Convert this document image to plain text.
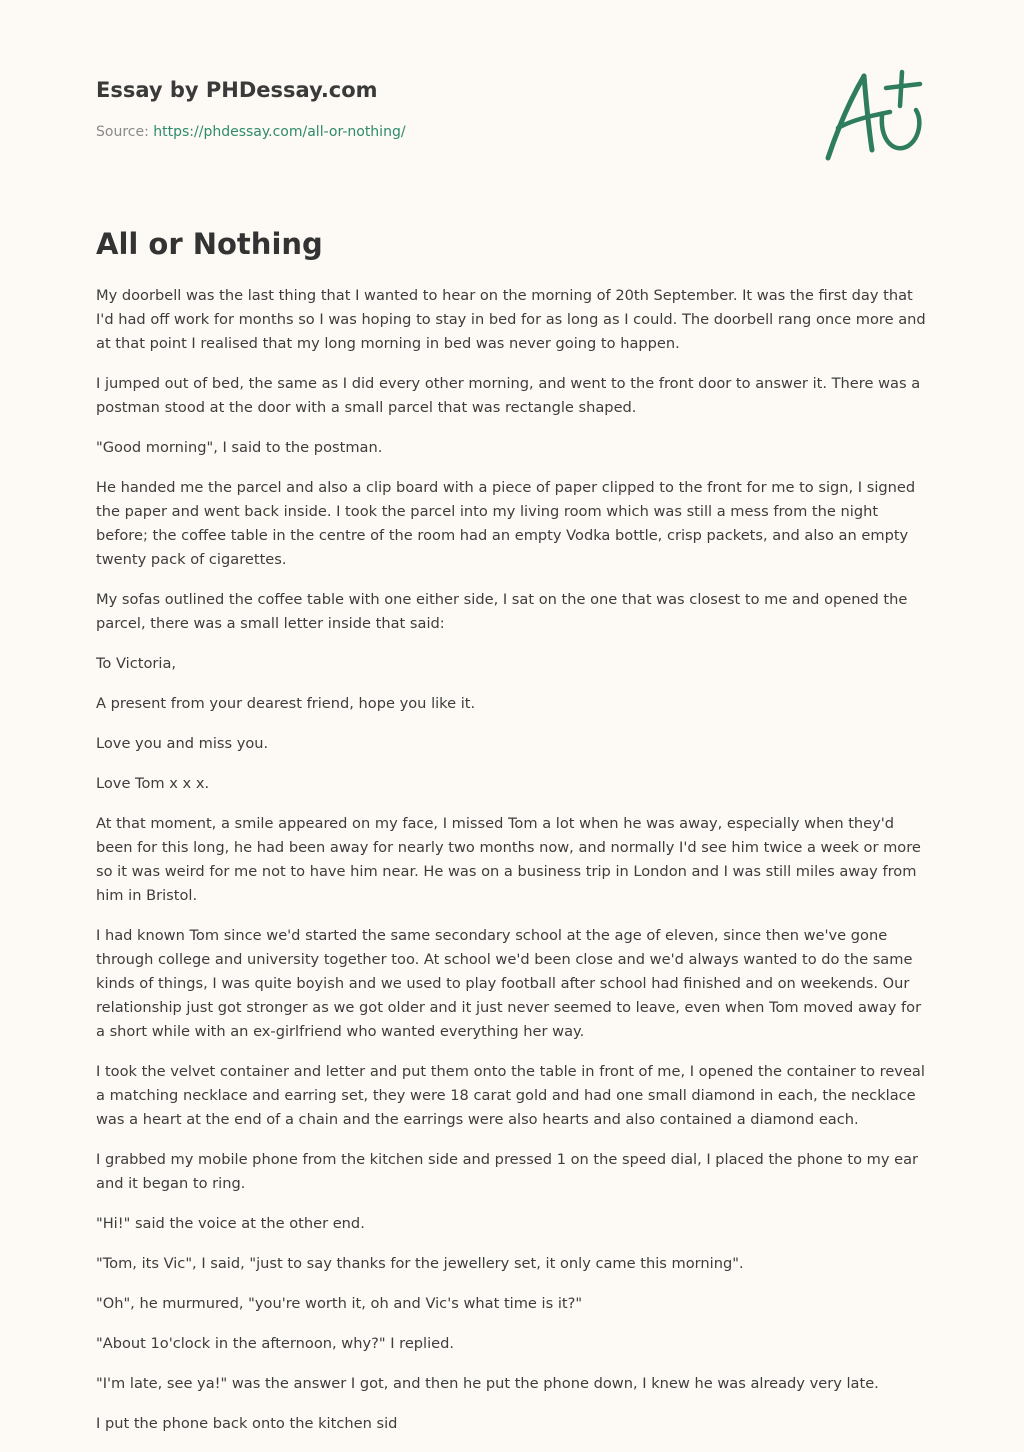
Essay by PHDessay.com
Source: https://phdessay.com/all-or-nothing/
All or Nothing

My doorbell was the last thing that I wanted to hear on the morning of 20th September. It was the first day that I'd had off work for months so I was hoping to stay in bed for as long as I could. The doorbell rang once more and at that point I realised that my long morning in bed was never going to happen.

I jumped out of bed, the same as I did every other morning, and went to the front door to answer it. There was a postman stood at the door with a small parcel that was rectangle shaped.

"Good morning", I said to the postman.

He handed me the parcel and also a clip board with a piece of paper clipped to the front for me to sign, I signed the paper and went back inside. I took the parcel into my living room which was still a mess from the night before; the coffee table in the centre of the room had an empty Vodka bottle, crisp packets, and also an empty twenty pack of cigarettes.

My sofas outlined the coffee table with one either side, I sat on the one that was closest to me and opened the parcel, there was a small letter inside that said:

To Victoria,

A present from your dearest friend, hope you like it.

Love you and miss you.

Love Tom x x x.

At that moment, a smile appeared on my face, I missed Tom a lot when he was away, especially when they'd been for this long, he had been away for nearly two months now, and normally I'd see him twice a week or more so it was weird for me not to have him near. He was on a business trip in London and I was still miles away from him in Bristol.

I had known Tom since we'd started the same secondary school at the age of eleven, since then we've gone through college and university together too. At school we'd been close and we'd always wanted to do the same kinds of things, I was quite boyish and we used to play football after school had finished and on weekends. Our relationship just got stronger as we got older and it just never seemed to leave, even when Tom moved away for a short while with an ex-girlfriend who wanted everything her way.

I took the velvet container and letter and put them onto the table in front of me, I opened the container to reveal a matching necklace and earring set, they were 18 carat gold and had one small diamond in each, the necklace was a heart at the end of a chain and the earrings were also hearts and also contained a diamond each.

I grabbed my mobile phone from the kitchen side and pressed 1 on the speed dial, I placed the phone to my ear and it began to ring.

"Hi!" said the voice at the other end.

"Tom, its Vic", I said, "just to say thanks for the jewellery set, it only came this morning".

"Oh", he murmured, "you're worth it, oh and Vic's what time is it?"

"About 1o'clock in the afternoon, why?" I replied.

"I'm late, see ya!" was the answer I got, and then he put the phone down, I knew he was already very late.

I put the phone back onto the kitchen sid
